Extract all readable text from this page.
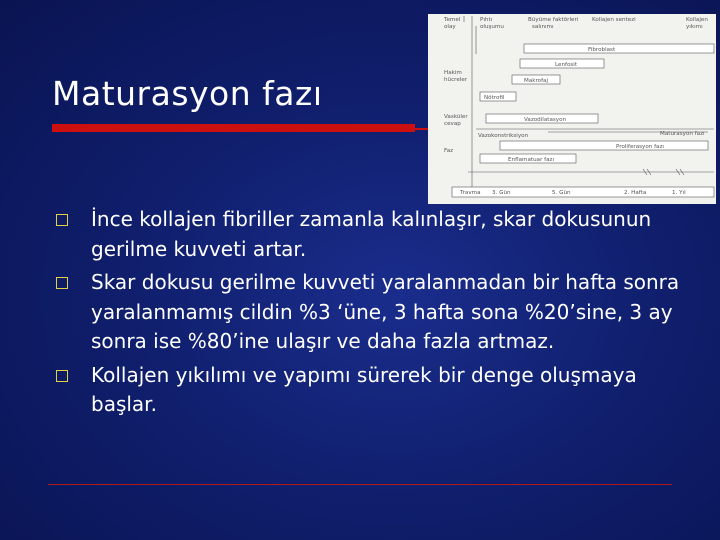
Maturasyon fazı
Temel
olay
Pıhtı
oluşumu
Büyüme faktörleri
salınımı
Kollajen sentezi	Kollajen
yıkımı
Hakim
hücreler
Vasküler
cevap
Faz
Fibroblast
Lenfosit
Makrofaj
Nötrofil
Vazodilatasyon
Vazokonstriksiyon	Maturasyon fazı
Proliferasyon fazı
Enflamatuar fazı
Travma 3. Gün	5. Gün	2. Hafta	1. Yıl
İnce kollajen fibriller zamanla kalınlaşır, skar dokusunun gerilme kuvveti artar.
Skar dokusu gerilme kuvveti yaralanmadan bir hafta sonra yaralanmamış cildin %3 ‘üne, 3 hafta sona %20’sine, 3 ay sonra ise %80’ine ulaşır ve daha fazla artmaz.
Kollajen yıkılımı ve yapımı sürerek bir denge oluşmaya başlar.
